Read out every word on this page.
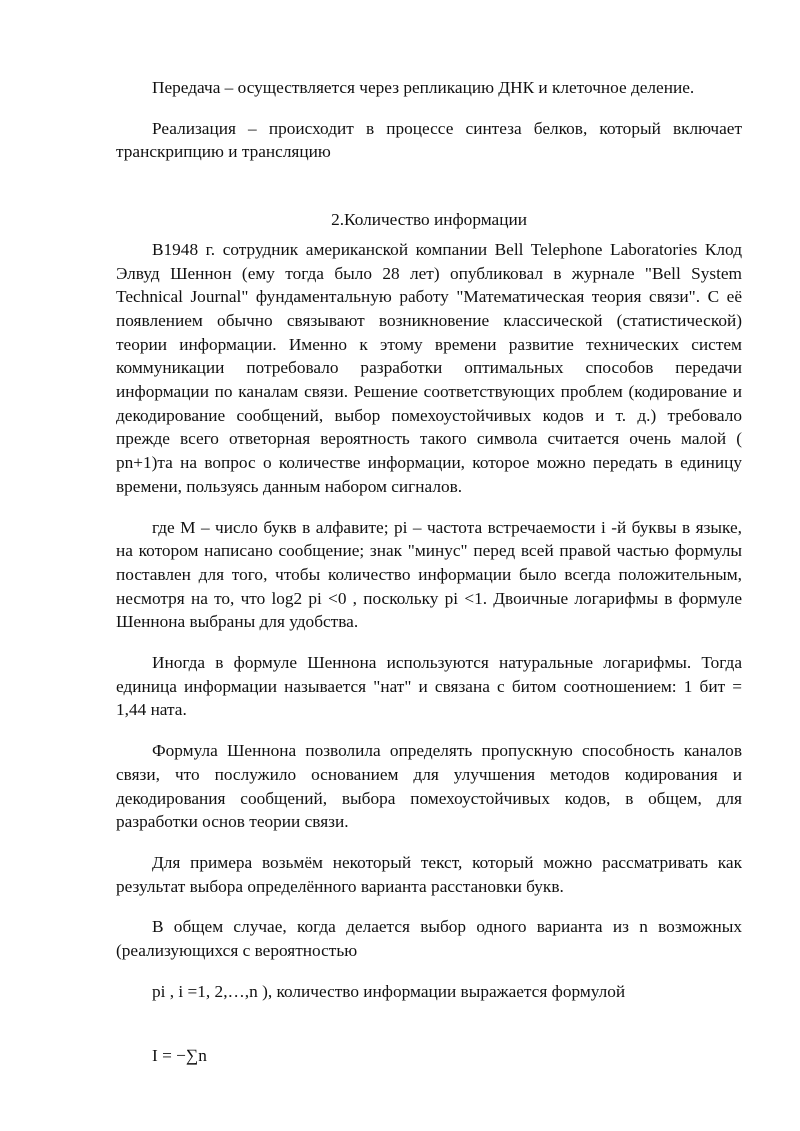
Передача – осуществляется через репликацию ДНК и клеточное деление.

Реализация – происходит в процессе синтеза белков, который включает транскрипцию и трансляцию

2.Количество информации

В1948 г. сотрудник американской компании Bell Telephone Laboratories Клод Элвуд Шеннон (ему тогда было 28 лет) опубликовал в журнале "Bell System Technical Journal" фундаментальную работу "Математическая теория связи". С её появлением обычно связывают возникновение классической (статистической) теории информации. Именно к этому времени развитие технических систем коммуникации потребовало разработки оптимальных способов передачи информации по каналам связи. Решение соответствующих проблем (кодирование и декодирование сообщений, выбор помехоустойчивых кодов и т. д.) требовало прежде всего ответорная вероятность такого символа считается очень малой ( pn+1)та на вопрос о количестве информации, которое можно передать в единицу времени, пользуясь данным набором сигналов.

где M – число букв в алфавите; pi – частота встречаемости i -й буквы в языке, на котором написано сообщение; знак "минус" перед всей правой частью формулы поставлен для того, чтобы количество информации было всегда положительным, несмотря на то, что log2 pi <0 , поскольку pi <1. Двоичные логарифмы в формуле Шеннона выбраны для удобства.

Иногда в формуле Шеннона используются натуральные логарифмы. Тогда единица информации называется "нат" и связана с битом соотношением: 1 бит = 1,44 ната.

Формула Шеннона позволила определять пропускную способность каналов связи, что послужило основанием для улучшения методов кодирования и декодирования сообщений, выбора помехоустойчивых кодов, в общем, для разработки основ теории связи.

Для примера возьмём некоторый текст, который можно рассматривать как результат выбора определённого варианта расстановки букв.

В общем случае, когда делается выбор одного варианта из n возможных (реализующихся с вероятностью

pi , i =1, 2,…,n ), количество информации выражается формулой

I = −∑n
